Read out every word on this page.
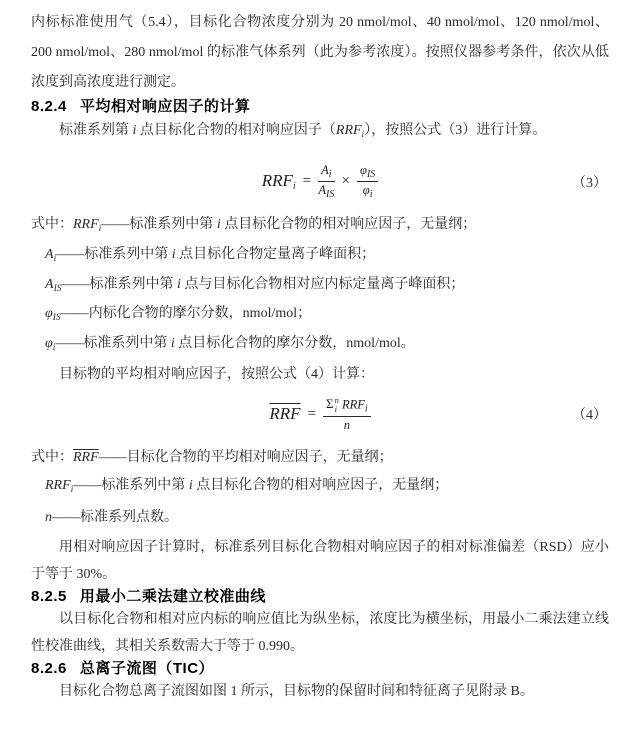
内标标准使用气（5.4），目标化合物浓度分别为 20 nmol/mol、40 nmol/mol、120 nmol/mol、200 nmol/mol、280 nmol/mol 的标准气体系列（此为参考浓度）。按照仪器参考条件，依次从低浓度到高浓度进行测定。

8.2.4 平均相对响应因子的计算

标准系列第 i 点目标化合物的相对响应因子$(RRF_i)$，按照公式（3）进行计算。

RRFi = $\frac{A_i}{A_{IS}} \times \frac{\varphi_{IS}}{\varphi_i}$	（3）
式中：$RRF_i——$标准系列中第 i 点目标化合物的相对响应因子，无量纲；
$A_i——$标准系列中第 i 点目标化合物定量离子峰面积；
$A_{IS}——$标准系列中第 i 点与目标化合物相对应内标定量离子峰面积；
$\varphi_{IS}——$内标化合物的摩尔分数，nmol/mol；
$\varphi_i——$标准系列中第 i 点目标化合物的摩尔分数，nmol/mol。

目标物的平均相对响应因子，按照公式（4）计算：

$\overline{RRF} = \Sigma$ n
i $RRF_i$
n	（4）
式中：$\overline{RRF}——$目标化合物的平均相对响应因子，无量纲；
$RRF_i——$标准系列中第 i 点目标化合物的相对响应因子，无量纲；
n——标准系列点数。

用相对响应因子计算时，标准系列目标化合物相对响应因子的相对标准偏差（RSD）应小于等于 30%。

8.2.5 用最小二乘法建立校准曲线

以目标化合物和相对应内标的响应值比为纵坐标，浓度比为横坐标，用最小二乘法建立线性校准曲线，其相关系数需大于等于 0.990。

8.2.6 总离子流图（TIC）

目标化合物总离子流图如图 1 所示，目标物的保留时间和特征离子见附录 B。
